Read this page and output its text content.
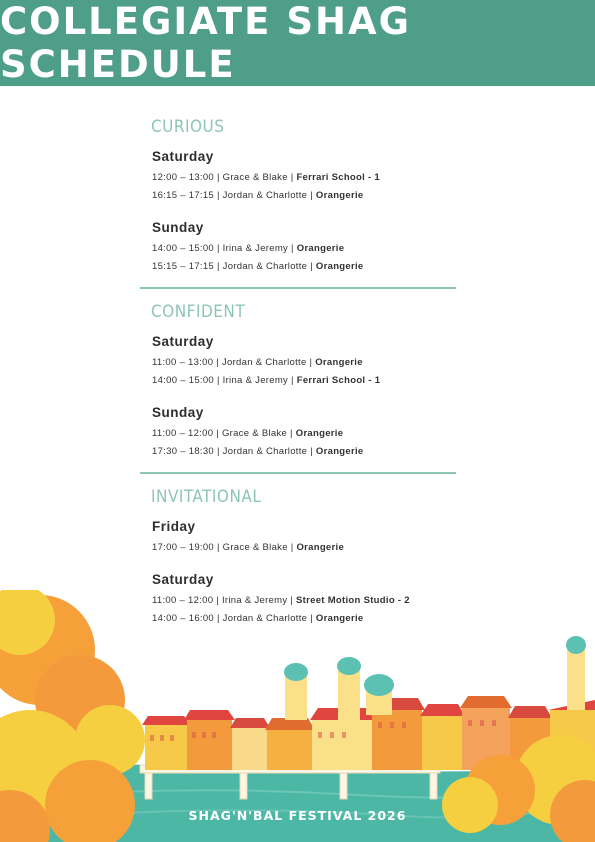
COLLEGIATE SHAG SCHEDULE
CURIOUS
Saturday
12:00 – 13:00 | Grace & Blake | Ferrari School - 1
16:15 – 17:15 | Jordan & Charlotte | Orangerie
Sunday
14:00 – 15:00 | Irina & Jeremy | Orangerie
15:15 – 17:15 | Jordan & Charlotte | Orangerie
CONFIDENT
Saturday
11:00 – 13:00 | Jordan & Charlotte | Orangerie
14:00 – 15:00 | Irina & Jeremy | Ferrari School - 1
Sunday
11:00 – 12:00 | Grace & Blake | Orangerie
17:30 – 18:30 | Jordan & Charlotte | Orangerie
INVITATIONAL
Friday
17:00 – 19:00 | Grace & Blake | Orangerie
Saturday
11:00 – 12:00 | Irina & Jeremy | Street Motion Studio - 2
14:00 – 16:00 | Jordan & Charlotte | Orangerie
SHAG'N'BAL FESTIVAL 2026
